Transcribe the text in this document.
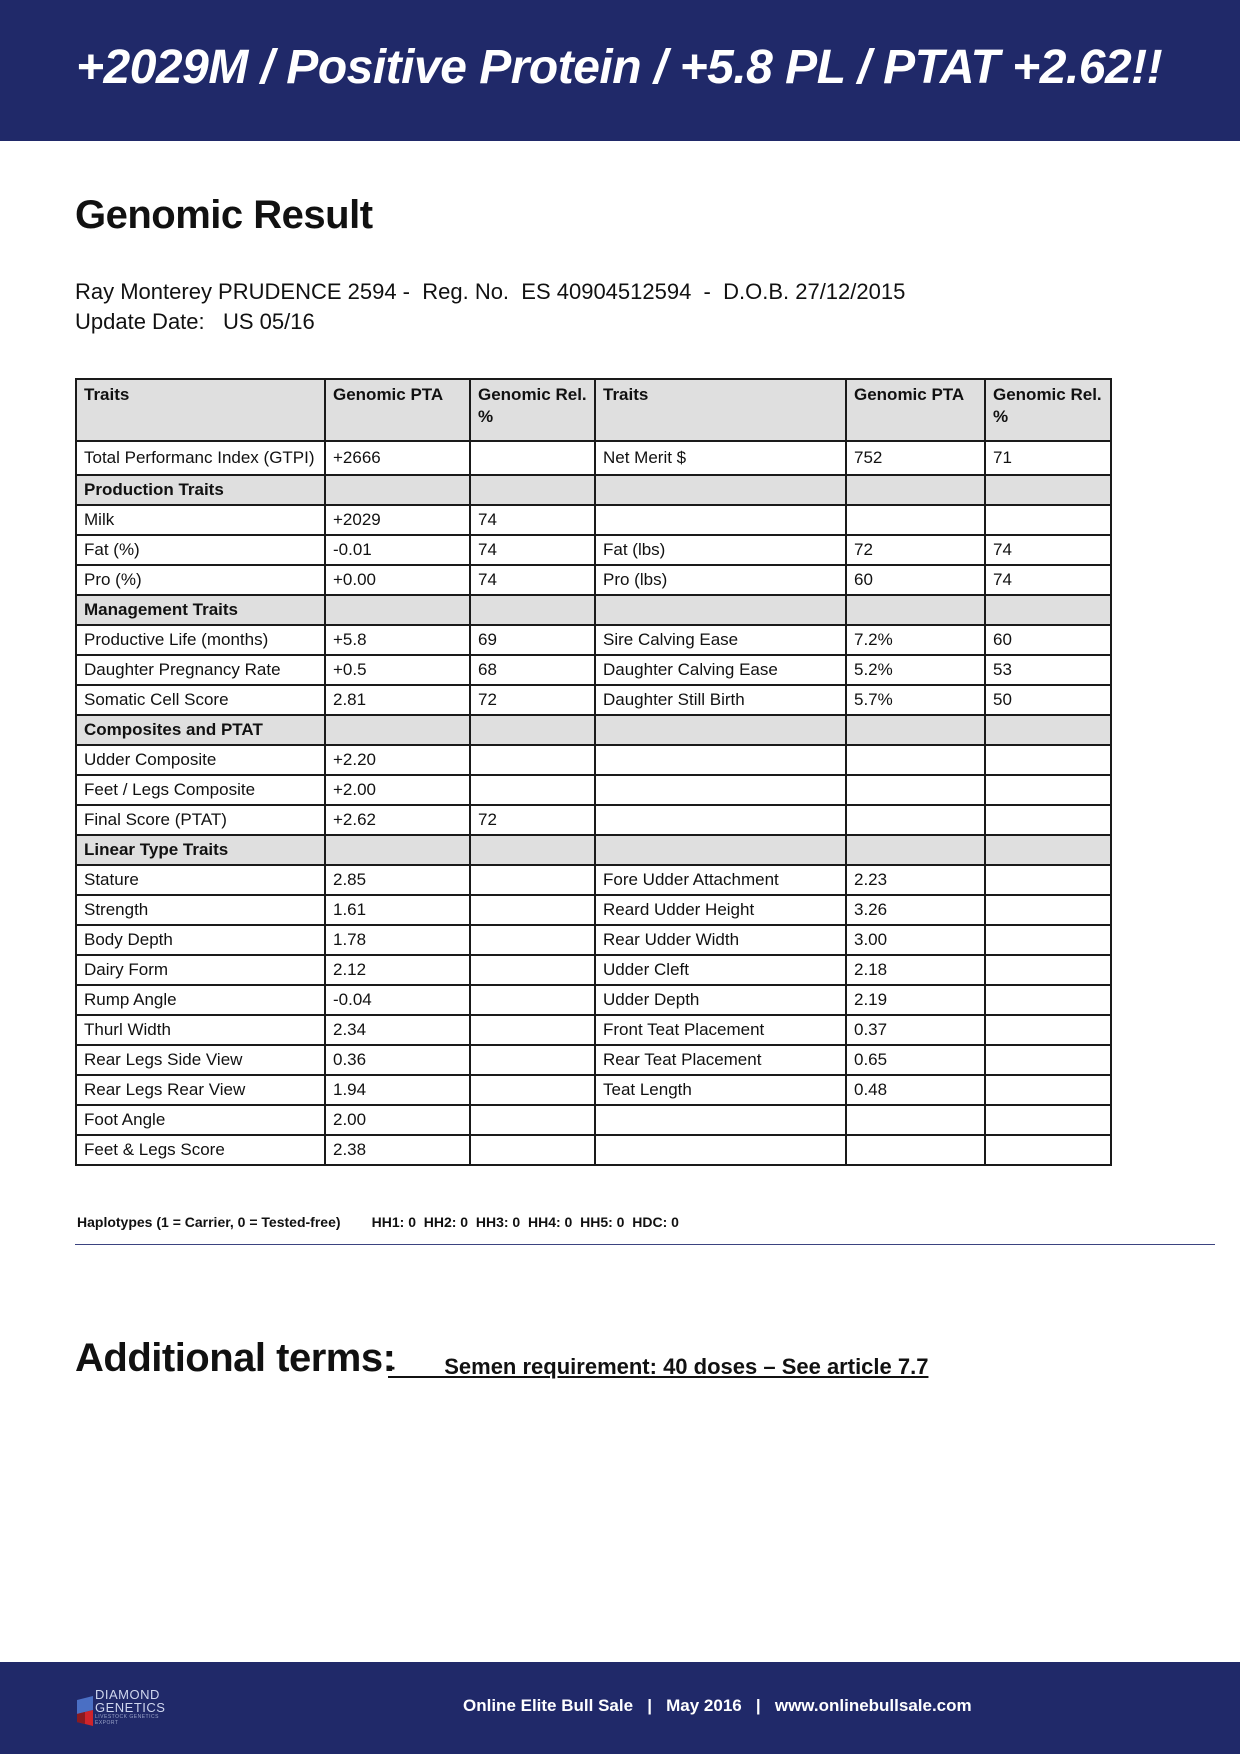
+2029M / Positive Protein / +5.8 PL / PTAT +2.62!!
Genomic Result
Ray Monterey PRUDENCE 2594 -  Reg. No.  ES 40904512594  -  D.O.B. 27/12/2015
Update Date:   US 05/16
Traits	Genomic PTA	Genomic Rel. %	Traits	Genomic PTA	Genomic Rel. %
Total Performanc Index (GTPI)	+2666		Net Merit $	752	71
Production Traits					
Milk	+2029	74			
Fat (%)	-0.01	74	Fat (lbs)	72	74
Pro (%)	+0.00	74	Pro (lbs)	60	74
Management Traits					
Productive Life (months)	+5.8	69	Sire Calving Ease	7.2%	60
Daughter Pregnancy Rate	+0.5	68	Daughter Calving Ease	5.2%	53
Somatic Cell Score	2.81	72	Daughter Still Birth	5.7%	50
Composites and PTAT					
Udder Composite	+2.20				
Feet / Legs Composite	+2.00				
Final Score (PTAT)	+2.62	72			
Linear Type Traits					
Stature	2.85		Fore Udder Attachment	2.23	
Strength	1.61		Reard Udder Height	3.26	
Body Depth	1.78		Rear Udder Width	3.00	
Dairy Form	2.12		Udder Cleft	2.18	
Rump Angle	-0.04		Udder Depth	2.19	
Thurl Width	2.34		Front Teat Placement	0.37	
Rear Legs Side View	0.36		Rear Teat Placement	0.65	
Rear Legs Rear View	1.94		Teat Length	0.48	
Foot Angle	2.00				
Feet & Legs Score	2.38				
Haplotypes (1 = Carrier, 0 = Tested-free)        HH1: 0  HH2: 0  HH3: 0  HH4: 0  HH5: 0  HDC: 0
Additional terms:
-        Semen requirement: 40 doses – See article 7.7
DIAMOND
GENETICS
LIVESTOCK GENETICS EXPORT
Online Elite Bull Sale   |   May 2016   |   www.onlinebullsale.com
